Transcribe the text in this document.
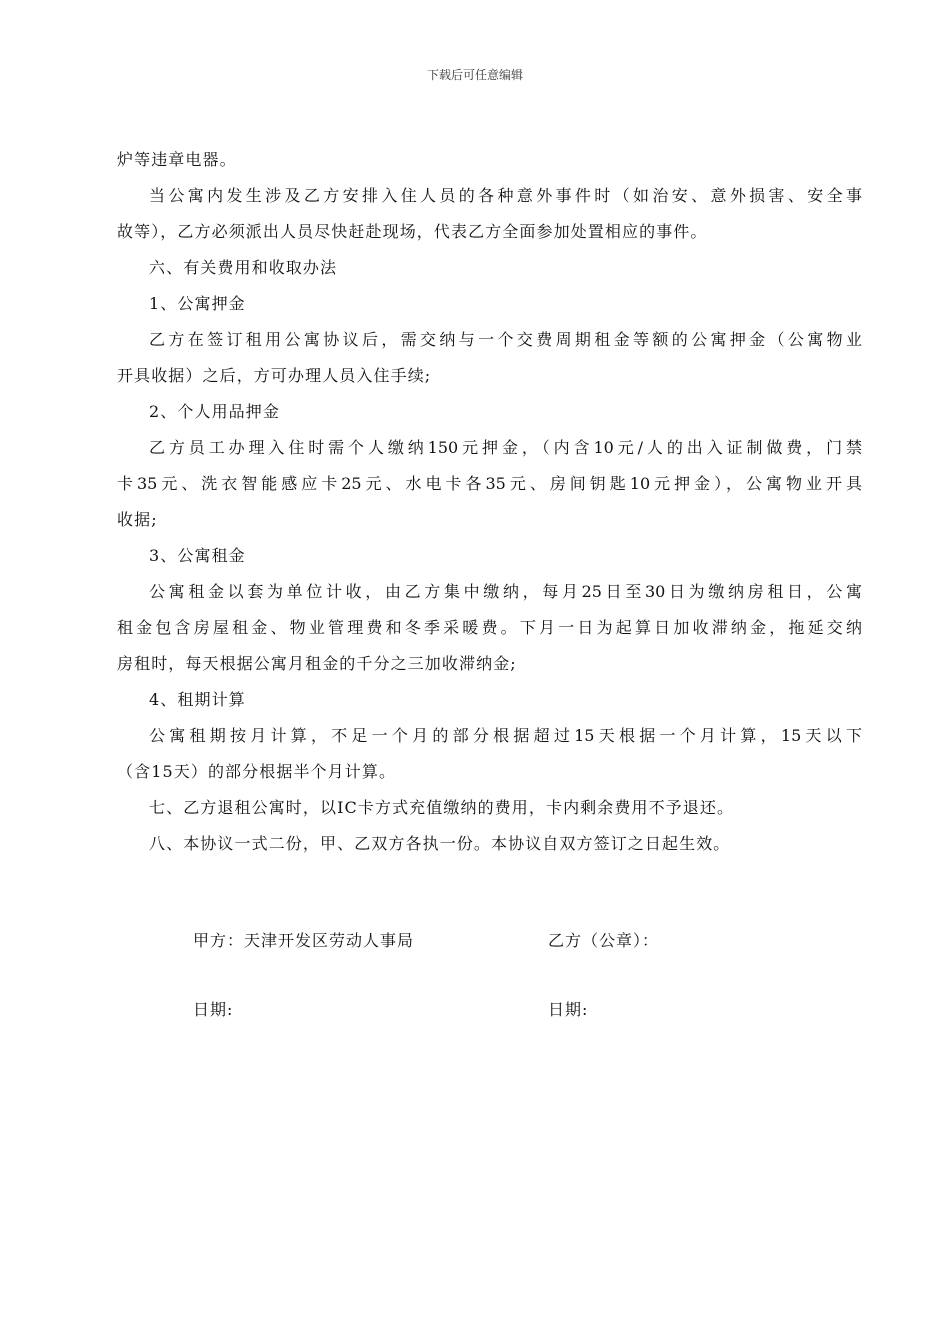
下载后可任意编辑
炉等违章电器。
当公寓内发生涉及乙方安排入住人员的各种意外事件时（如治安、意外损害、安全事
故等），乙方必须派出人员尽快赶赴现场，代表乙方全面参加处置相应的事件。
六、有关费用和收取办法
1、公寓押金
乙方在签订租用公寓协议后，需交纳与一个交费周期租金等额的公寓押金（公寓物业
开具收据）之后，方可办理人员入住手续;
2、个人用品押金
乙方员工办理入住时需个人缴纳150元押金，（内含10元/人的出入证制做费，门禁
卡35元、洗衣智能感应卡25元、水电卡各35元、房间钥匙10元押金），公寓物业开具
收据;
3、公寓租金
公寓租金以套为单位计收，由乙方集中缴纳，每月25日至30日为缴纳房租日，公寓
租金包含房屋租金、物业管理费和冬季采暖费。下月一日为起算日加收滞纳金，拖延交纳
房租时，每天根据公寓月租金的千分之三加收滞纳金;
4、租期计算
公寓租期按月计算，不足一个月的部分根据超过15天根据一个月计算，15天以下
（含15天）的部分根据半个月计算。
七、乙方退租公寓时，以IC卡方式充值缴纳的费用，卡内剩余费用不予退还。
八、本协议一式二份，甲、乙双方各执一份。本协议自双方签订之日起生效。
甲方：天津开发区劳动人事局	乙方（公章）：
日期:	日期:
